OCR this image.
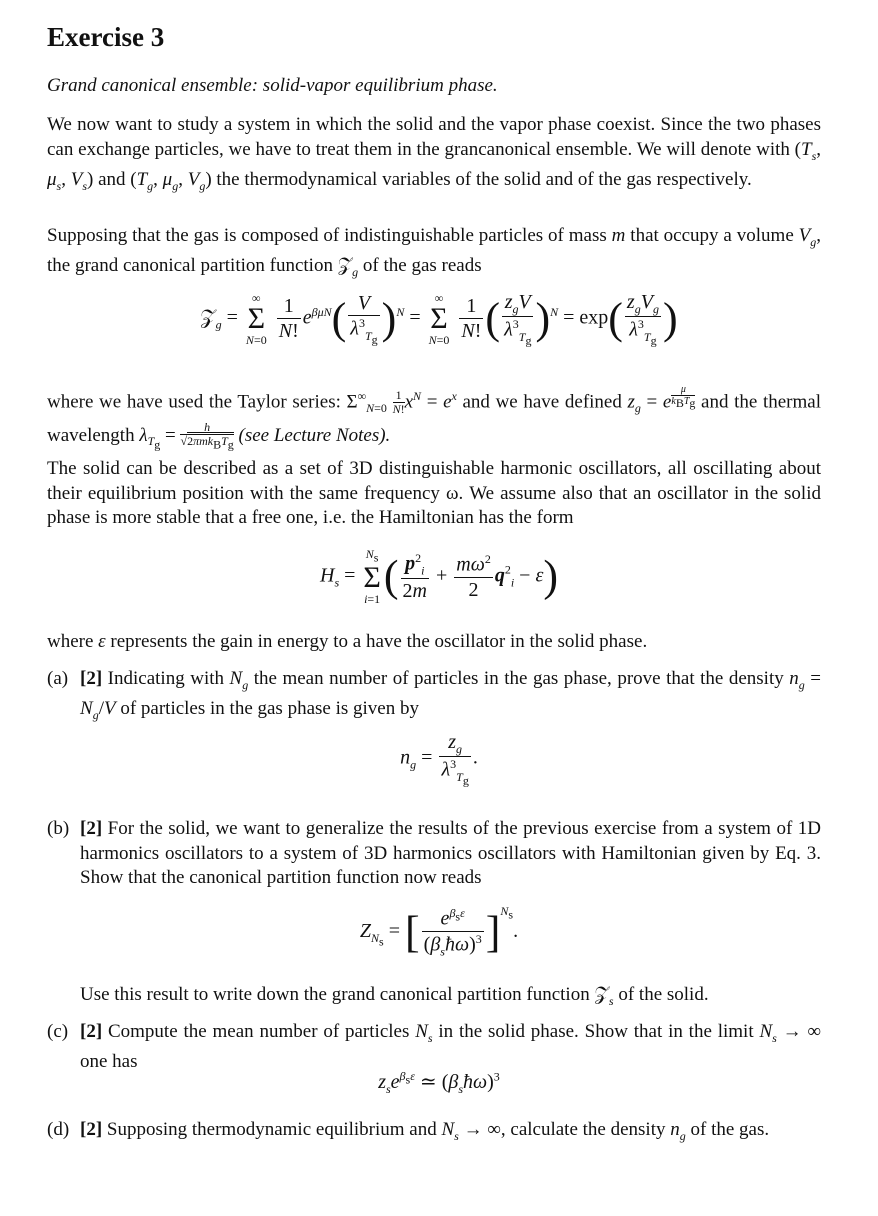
Exercise 3
Grand canonical ensemble: solid-vapor equilibrium phase.
We now want to study a system in which the solid and the vapor phase coexist. Since the two phases can exchange particles, we have to treat them in the grancanonical ensemble. We will denote with ($T_s$, $\mu_s$, $V_s$) and ($T_g$, $\mu_g$, $V_g$) the thermodynamical variables of the solid and of the gas respectively.
Supposing that the gas is composed of indistinguishable particles of mass m that occupy a volume $V_g$, the grand canonical partition function 𝒵$_g$ of the gas reads
𝒵$_g$ =
∞
Σ
N=0
$\frac{1}{N!} e^{\beta\mu N}( \frac{V}{\lambda^3_{T_g}} )^N$ =
∞
Σ
N=0
$\frac{1}{N!}$ ( $\frac{z_gV}{\lambda^3_{T_g}} )^N = \exp( \frac{z_gV_g}{\lambda^3_{T_g}}$ )
where we have used the Taylor series: $\Sigma^\infty_{N=0} \frac{1}{N!} x^N = e^x$ and we have defined $z_g = e$
$^{\mu k_BT_g}$ and the thermal wavelength $\lambda_{T_g}$ =	h
$√2\pi mk_BT_g$ (see Lecture Notes).
The solid can be described as a set of 3D distinguishable harmonic oscillators, all oscillating about their equilibrium position with the same frequency ω. We assume also that an oscillator in the solid phase is more stable that a free one, i.e. the Hamiltonian has the form
$H_s$ =
$N_s$
Σ
i=1 ( $\frac{p^2_i}{2m} + \frac{m\omega^2}{2} q^2_i - \varepsilon$)
where ε represents the gain in energy to a have the oscillator in the solid phase.
(a) [2] Indicating with $N_g$ the mean number of particles in the gas phase, prove that the density $n_g = N_g/V$ of particles in the gas phase is given by
$n_g = \frac{z_g}{\lambda^3_{T_g}}$ .
(b) [2] For the solid, we want to generalize the results of the previous exercise from a system of 1D harmonics oscillators to a system of 3D harmonics oscillators with Hamiltonian given by Eq. 3. Show that the canonical partition function now reads
$Z_{N_s}$ = [ $\frac{e^{\beta_s\varepsilon}}{(\beta_sħ\omega)^3} ]^{N_s}$.
Use this result to write down the grand canonical partition function 𝒵$_s$ of the solid.
(c) [2] Compute the mean number of particles $N_s$ in the solid phase. Show that in the limit $N_s$ → ∞ one has
$z_se^{\beta_s\varepsilon}$ ≃ $(\beta_sħ\omega)^3$
(d) [2] Supposing thermodynamic equilibrium and $N_s$ → ∞, calculate the density $n_g$ of the gas.
